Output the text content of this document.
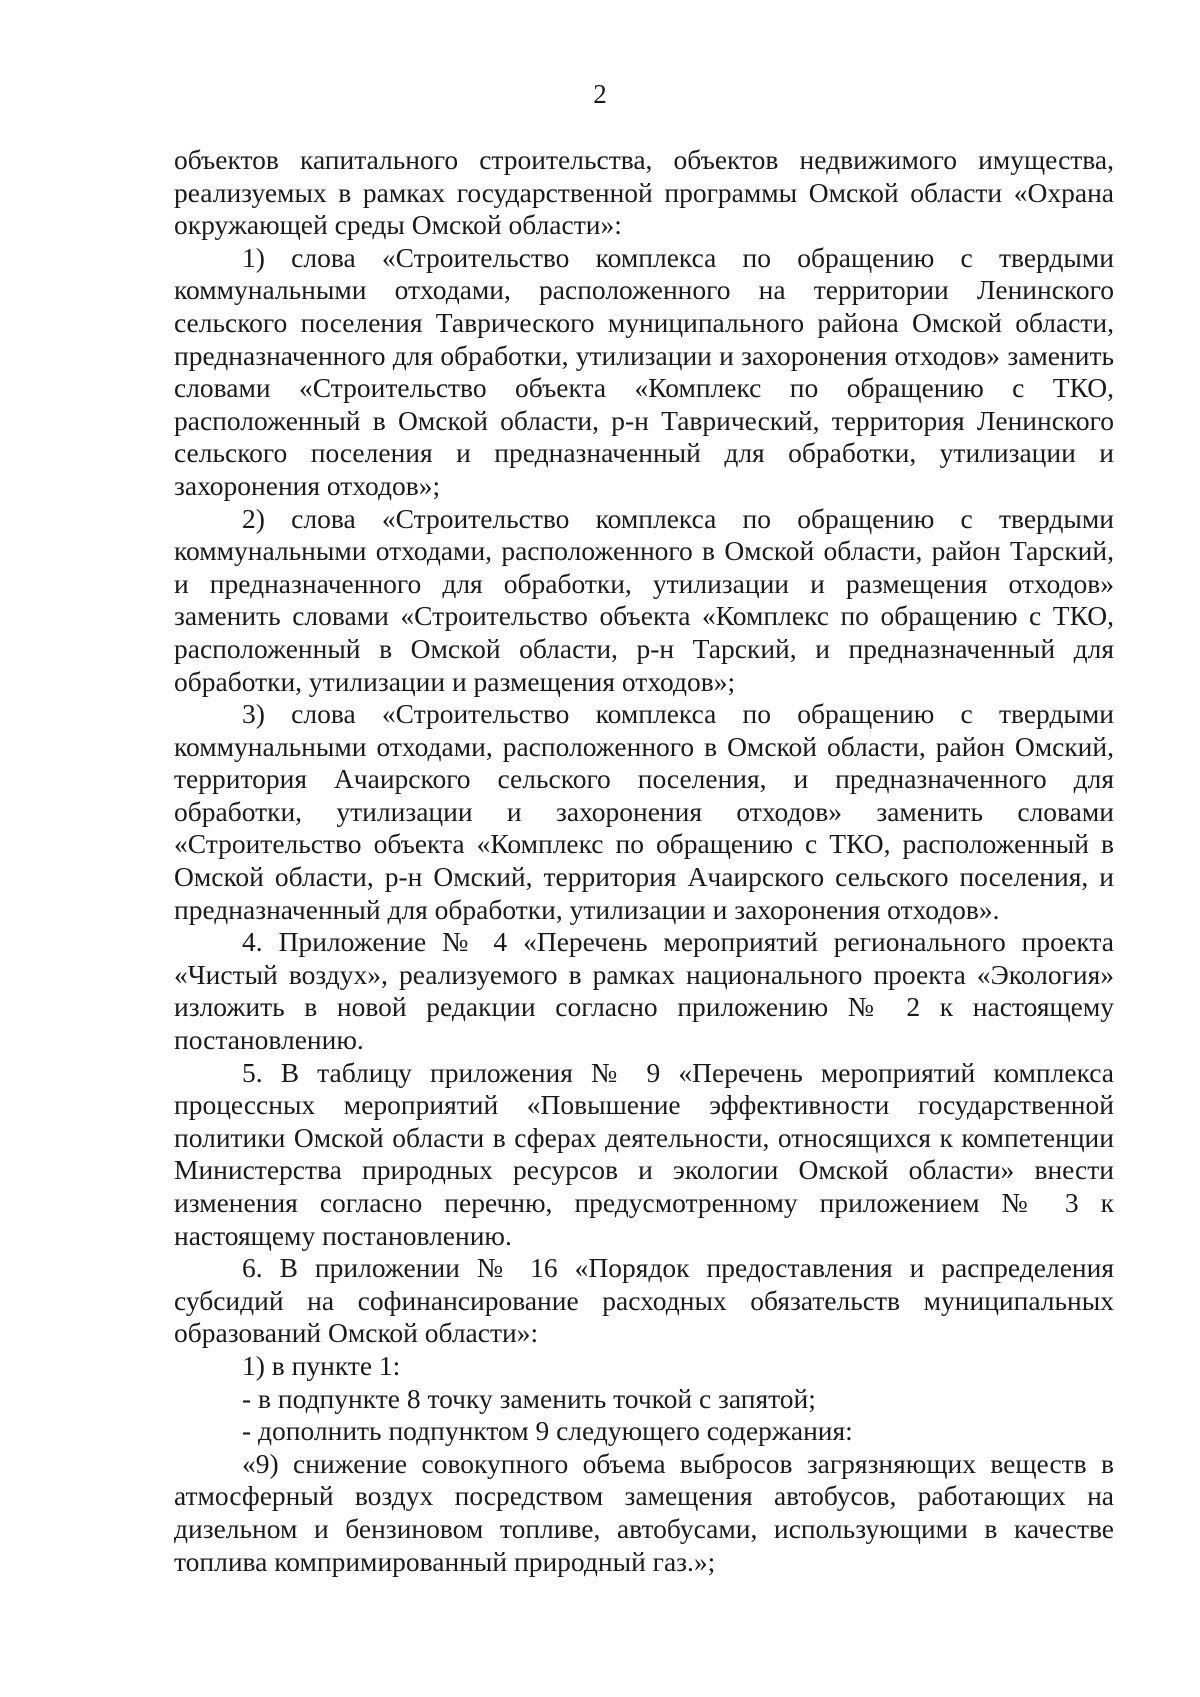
2

объектов капитального строительства, объектов недвижимого имущества, реализуемых в рамках государственной программы Омской области «Охрана окружающей среды Омской области»:

1) слова «Строительство комплекса по обращению с твердыми коммунальными отходами, расположенного на территории Ленинского сельского поселения Таврического муниципального района Омской области, предназначенного для обработки, утилизации и захоронения отходов» заменить словами «Строительство объекта «Комплекс по обращению с ТКО, расположенный в Омской области, р-н Таврический, территория Ленинского сельского поселения и предназначенный для обработки, утилизации и захоронения отходов»;

2) слова «Строительство комплекса по обращению с твердыми коммунальными отходами, расположенного в Омской области, район Тарский, и предназначенного для обработки, утилизации и размещения отходов» заменить словами «Строительство объекта «Комплекс по обращению с ТКО, расположенный в Омской области, р-н Тарский, и предназначенный для обработки, утилизации и размещения отходов»;

3) слова «Строительство комплекса по обращению с твердыми коммунальными отходами, расположенного в Омской области, район Омский, территория Ачаирского сельского поселения, и предназначенного для обработки, утилизации и захоронения отходов» заменить словами «Строительство объекта «Комплекс по обращению с ТКО, расположенный в Омской области, р-н Омский, территория Ачаирского сельского поселения, и предназначенный для обработки, утилизации и захоронения отходов».

4. Приложение № 4 «Перечень мероприятий регионального проекта «Чистый воздух», реализуемого в рамках национального проекта «Экология» изложить в новой редакции согласно приложению № 2 к настоящему постановлению.

5. В таблицу приложения № 9 «Перечень мероприятий комплекса процессных мероприятий «Повышение эффективности государственной политики Омской области в сферах деятельности, относящихся к компетенции Министерства природных ресурсов и экологии Омской области» внести изменения согласно перечню, предусмотренному приложением № 3 к настоящему постановлению.

6. В приложении № 16 «Порядок предоставления и распределения субсидий на софинансирование расходных обязательств муниципальных образований Омской области»:

1) в пункте 1:

- в подпункте 8 точку заменить точкой с запятой;

- дополнить подпунктом 9 следующего содержания:

«9) снижение совокупного объема выбросов загрязняющих веществ в атмосферный воздух посредством замещения автобусов, работающих на дизельном и бензиновом топливе, автобусами, использующими в качестве топлива компримированный природный газ.»;
